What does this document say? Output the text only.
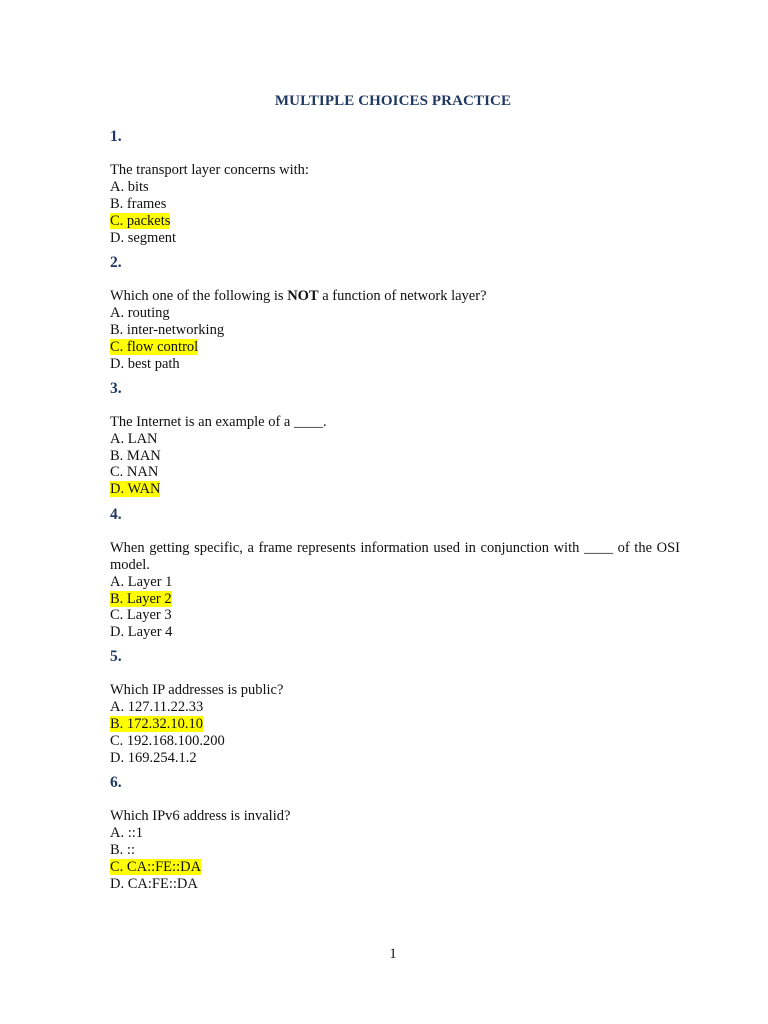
MULTIPLE CHOICES PRACTICE
1.
The transport layer concerns with:
A. bits
B. frames
C. packets
D. segment
2.
Which one of the following is NOT a function of network layer?
A. routing
B. inter-networking
C. flow control
D. best path
3.
The Internet is an example of a ____.
A. LAN
B. MAN
C. NAN
D. WAN
4.
When getting specific, a frame represents information used in conjunction with ____ of the OSI model.
A. Layer 1
B. Layer 2
C. Layer 3
D. Layer 4
5.
Which IP addresses is public?
A. 127.11.22.33
B. 172.32.10.10
C. 192.168.100.200
D. 169.254.1.2
6.
Which IPv6 address is invalid?
A. ::1
B. ::
C. CA::FE::DA
D. CA:FE::DA
1
